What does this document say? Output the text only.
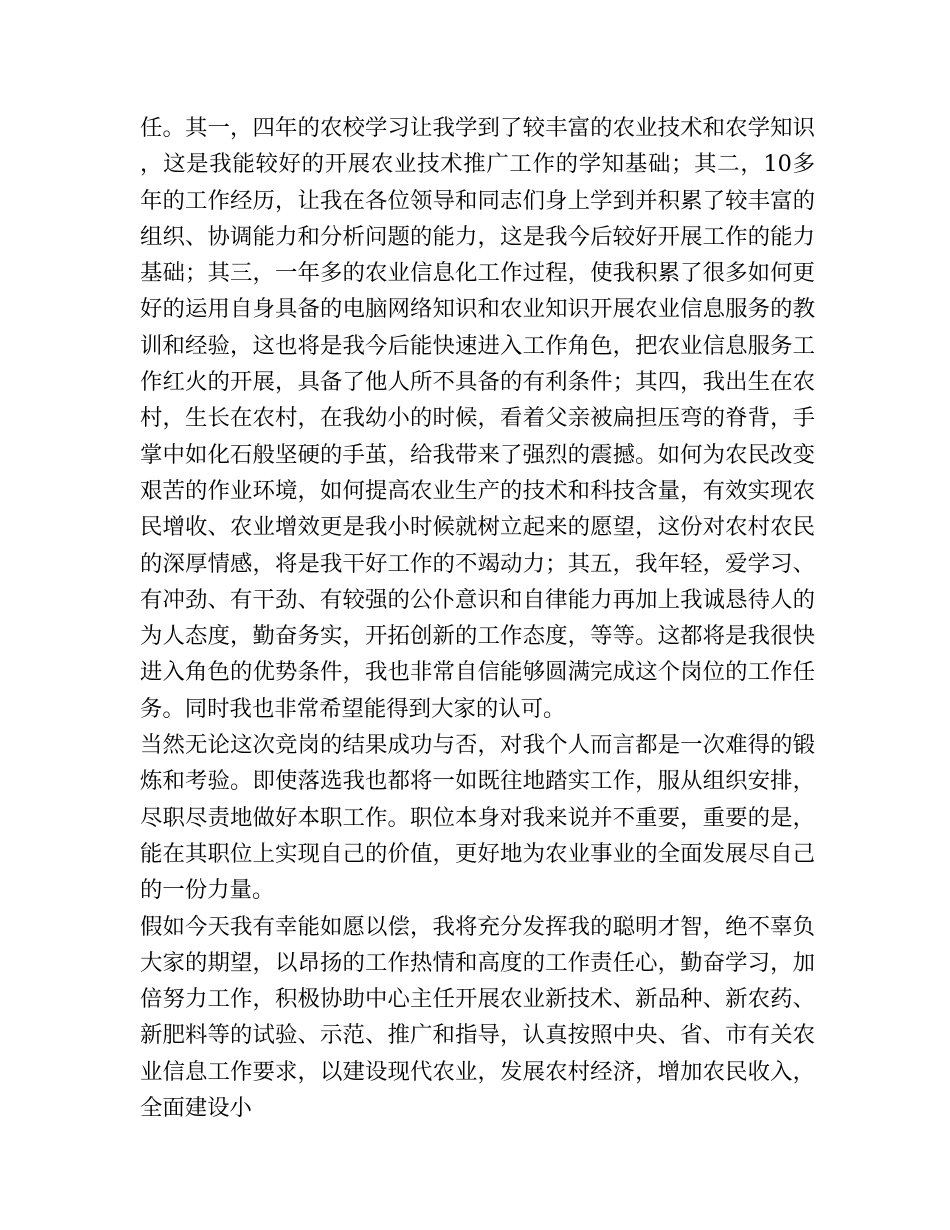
任。其一，四年的农校学习让我学到了较丰富的农业技术和农学知识，这是我能较好的开展农业技术推广工作的学知基础；其二，10多年的工作经历，让我在各位领导和同志们身上学到并积累了较丰富的组织、协调能力和分析问题的能力，这是我今后较好开展工作的能力基础；其三，一年多的农业信息化工作过程，使我积累了很多如何更好的运用自身具备的电脑网络知识和农业知识开展农业信息服务的教训和经验，这也将是我今后能快速进入工作角色，把农业信息服务工作红火的开展，具备了他人所不具备的有利条件；其四，我出生在农村，生长在农村，在我幼小的时候，看着父亲被扁担压弯的脊背，手掌中如化石般坚硬的手茧，给我带来了强烈的震撼。如何为农民改变艰苦的作业环境，如何提高农业生产的技术和科技含量，有效实现农民增收、农业增效更是我小时候就树立起来的愿望，这份对农村农民的深厚情感，将是我干好工作的不竭动力；其五，我年轻，爱学习、有冲劲、有干劲、有较强的公仆意识和自律能力再加上我诚恳待人的为人态度，勤奋务实，开拓创新的工作态度，等等。这都将是我很快进入角色的优势条件，我也非常自信能够圆满完成这个岗位的工作任务。同时我也非常希望能得到大家的认可。

当然无论这次竞岗的结果成功与否，对我个人而言都是一次难得的锻炼和考验。即使落选我也都将一如既往地踏实工作，服从组织安排，尽职尽责地做好本职工作。职位本身对我来说并不重要，重要的是，能在其职位上实现自己的价值，更好地为农业事业的全面发展尽自己的一份力量。

假如今天我有幸能如愿以偿，我将充分发挥我的聪明才智，绝不辜负大家的期望，以昂扬的工作热情和高度的工作责任心，勤奋学习，加倍努力工作，积极协助中心主任开展农业新技术、新品种、新农药、新肥料等的试验、示范、推广和指导，认真按照中央、省、市有关农业信息工作要求，以建设现代农业，发展农村经济，增加农民收入，全面建设小
